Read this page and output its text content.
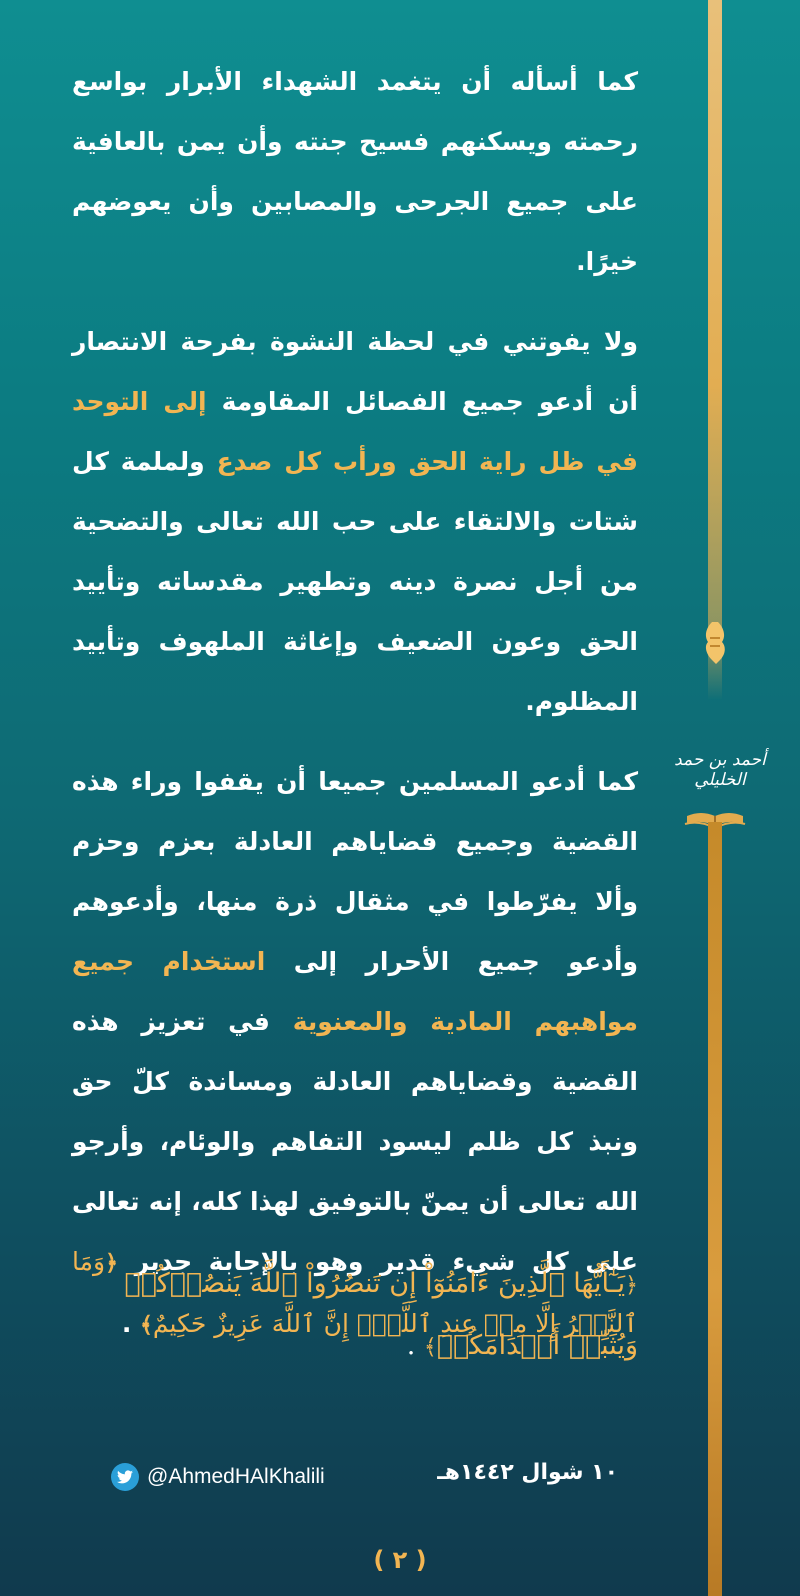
أحمد بن حمد الخليلي

كما أسأله أن يتغمد الشهداء الأبرار بواسع رحمته ويسكنهم فسيح جنته وأن يمن بالعافية على جميع الجرحى والمصابين وأن يعوضهم خيرًا.

ولا يفوتني في لحظة النشوة بفرحة الانتصار أن أدعو جميع الفصائل المقاومة إلى التوحد في ظل راية الحق ورأب كل صدع ولملمة كل شتات والالتقاء على حب الله تعالى والتضحية من أجل نصرة دينه وتطهير مقدساته وتأييد الحق وعون الضعيف وإغاثة الملهوف وتأييد المظلوم.

كما أدعو المسلمين جميعا أن يقفوا وراء هذه القضية وجميع قضاياهم العادلة بعزم وحزم وألا يفرّطوا في مثقال ذرة منها، وأدعوهم وأدعو جميع الأحرار إلى استخدام جميع مواهبهم المادية والمعنوية في تعزيز هذه القضية وقضاياهم العادلة ومساندة كلّ حق ونبذ كل ظلم ليسود التفاهم والوئام، وأرجو الله تعالى أن يمنّ بالتوفيق لهذا كله، إنه تعالى على كل شيء قدير وهو بالإجابة جدير ﴿وَمَا ٱلنَّصۡرُ إِلَّا مِنۡ عِندِ ٱللَّهِۚ إِنَّ ٱللَّهَ عَزِيزٌ حَكِيمٌ﴾ .

﴿يَـٰٓأَيُّهَا ٱلَّذِينَ ءَامَنُوٓاْ إِن تَنصُرُواْ ٱللَّهَ يَنصُرۡكُمۡ وَيُثَبِّتۡ أَقۡدَامَكُمۡ﴾ .
@AhmedHAlKhalili	١٠ شوال ١٤٤٢هـ
( ٢ )
